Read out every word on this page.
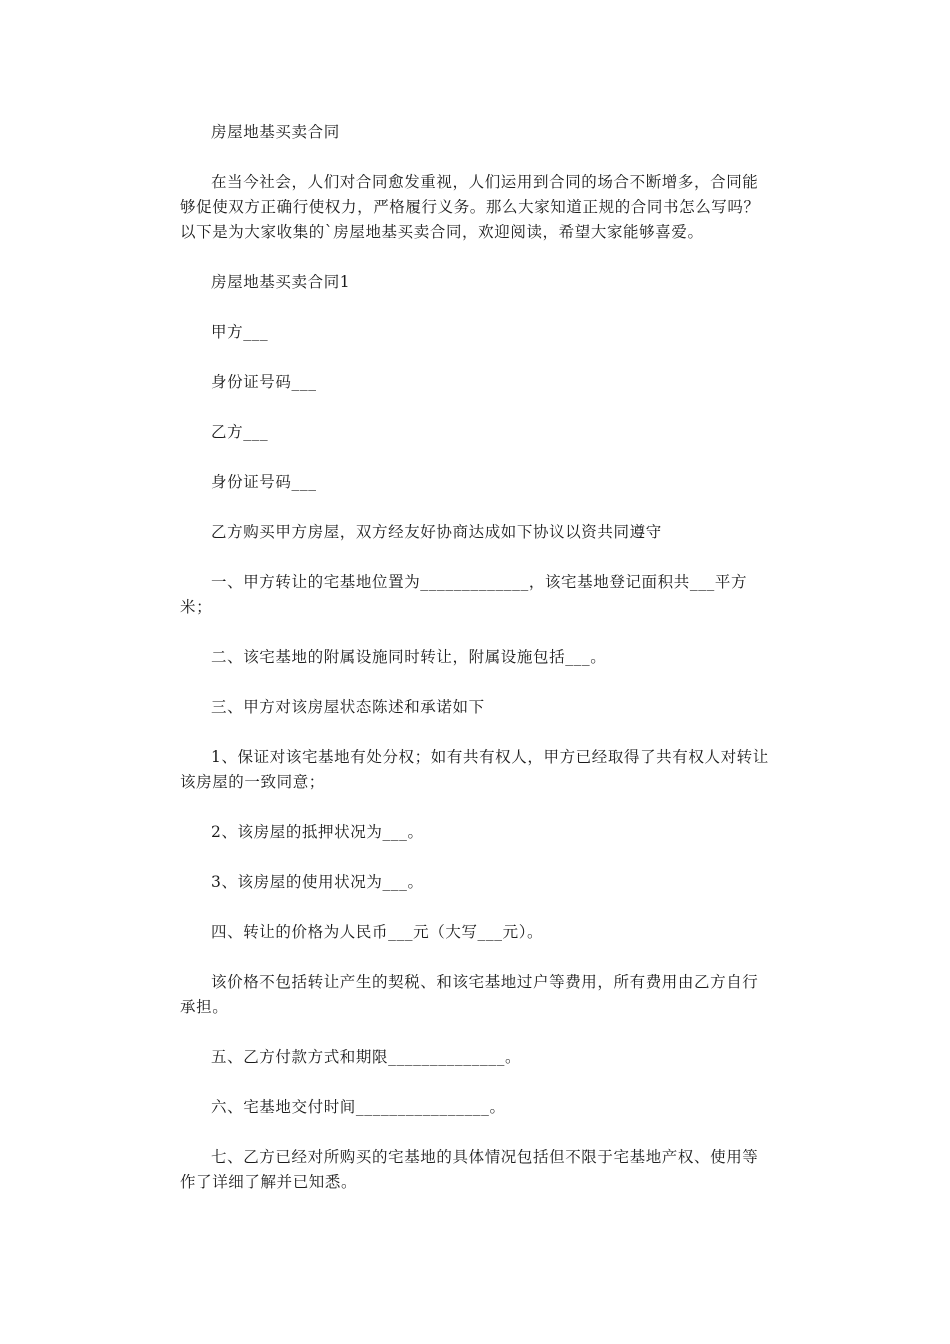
房屋地基买卖合同

在当今社会，人们对合同愈发重视，人们运用到合同的场合不断增多，合同能够促使双方正确行使权力，严格履行义务。那么大家知道正规的合同书怎么写吗？以下是为大家收集的`房屋地基买卖合同，欢迎阅读，希望大家能够喜爱。

房屋地基买卖合同1

甲方___

身份证号码___

乙方___

身份证号码___

乙方购买甲方房屋，双方经友好协商达成如下协议以资共同遵守

一、甲方转让的宅基地位置为_____________，该宅基地登记面积共___平方米；

二、该宅基地的附属设施同时转让，附属设施包括___。

三、甲方对该房屋状态陈述和承诺如下

1、保证对该宅基地有处分权；如有共有权人，甲方已经取得了共有权人对转让该房屋的一致同意；

2、该房屋的抵押状况为___。

3、该房屋的使用状况为___。

四、转让的价格为人民币___元（大写___元）。

该价格不包括转让产生的契税、和该宅基地过户等费用，所有费用由乙方自行承担。

五、乙方付款方式和期限______________。

六、宅基地交付时间________________。

七、乙方已经对所购买的宅基地的具体情况包括但不限于宅基地产权、使用等作了详细了解并已知悉。
